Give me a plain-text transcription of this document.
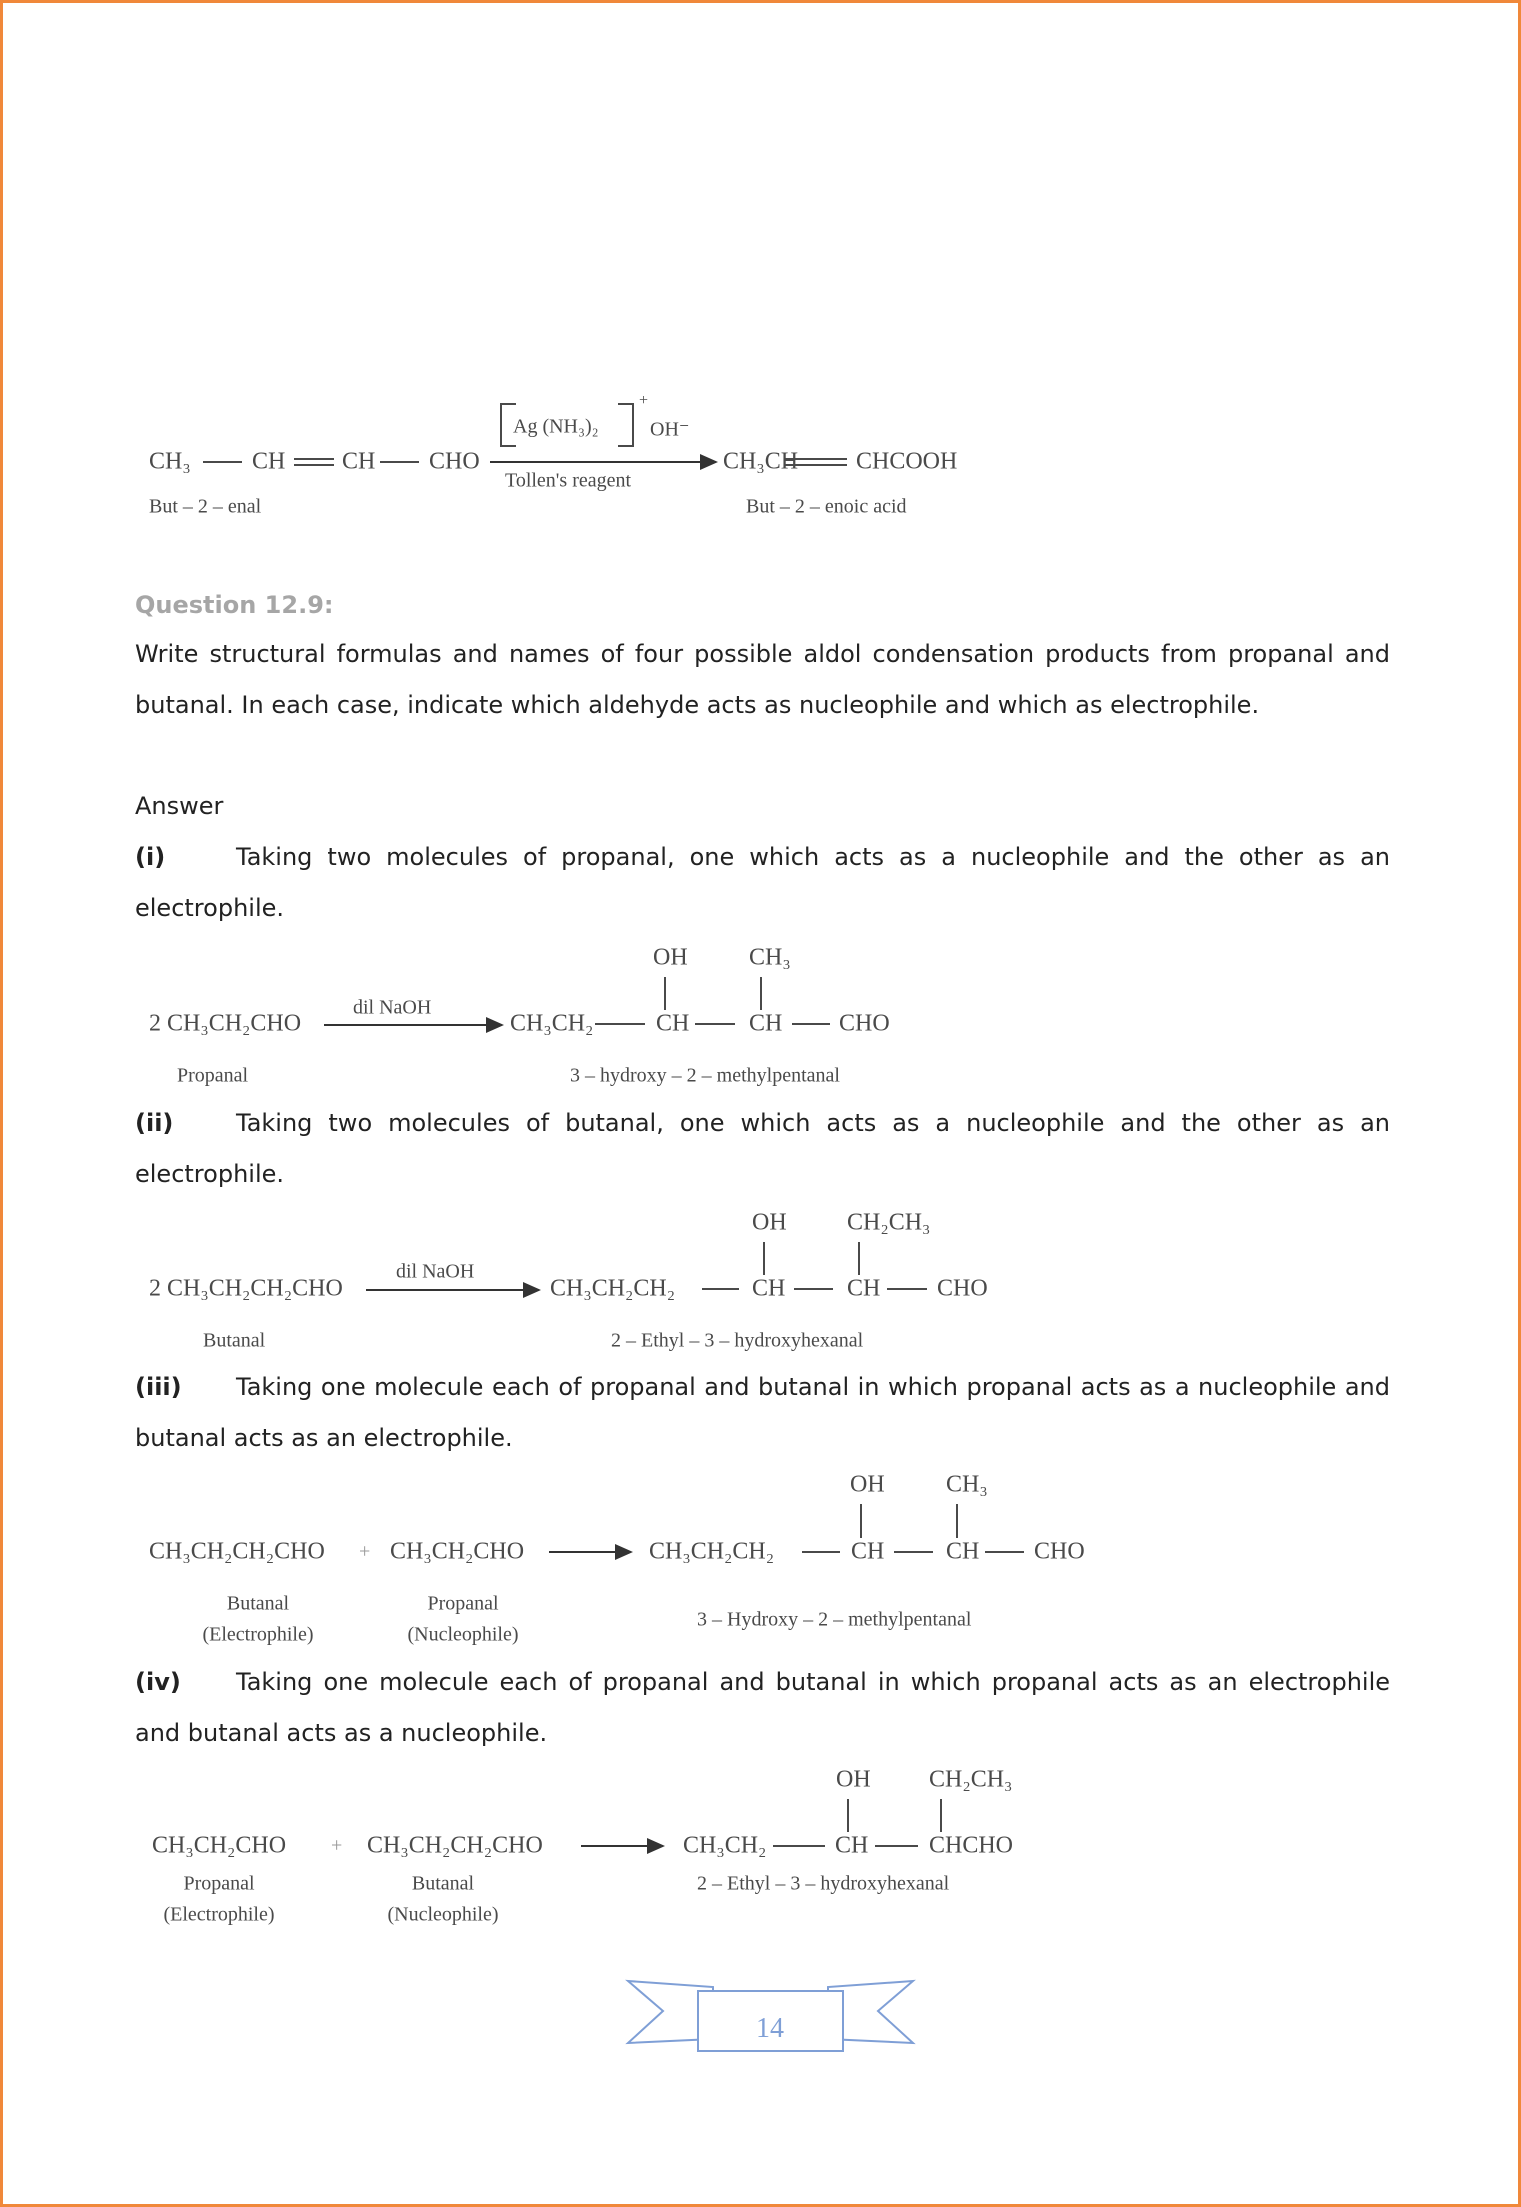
CH₃	CH CH CHO
Ag (NH₃)₂
+
OH⁻
Tollen's reagent
CH₃CH CHCOOH
But – 2 – enal	But – 2 – enoic acid
Question 12.9:
Write structural formulas and names of four possible aldol condensation products from propanal and butanal. In each case, indicate which aldehyde acts as nucleophile and which as electrophile.
Answer
(i)	Taking two molecules of propanal, one which acts as a nucleophile and the other as an electrophile.
2 CH₃CH₂CHO
dil NaOH
CH₃CH₂	CH CH CHO
OH	CH₃
Propanal	3 – hydroxy – 2 – methylpentanal
(ii)	Taking two molecules of butanal, one which acts as a nucleophile and the other as an electrophile.
2 CH₃CH₂CH₂CHO
dil NaOH
CH₃CH₂CH₂	CH	CH CHO
OH	CH₂CH₃
Butanal	2 – Ethyl – 3 – hydroxyhexanal
(iii) Taking one molecule each of propanal and butanal in which propanal acts as a nucleophile and butanal acts as an electrophile.
CH₃CH₂CH₂CHO + CH₃CH₂CHO	CH₃CH₂CH₂	CH	CH CHO
OH	CH₃
Butanal
(Electrophile)
Propanal
(Nucleophile)
3 – Hydroxy – 2 – methylpentanal
(iv) Taking one molecule each of propanal and butanal in which propanal acts as an electrophile and butanal acts as a nucleophile.
CH₃CH₂CHO + CH₃CH₂CH₂CHO	CH₃CH₂	CH	CHCHO
OH CH₂CH₃
Propanal
(Electrophile)
Butanal
(Nucleophile)
2 – Ethyl – 3 – hydroxyhexanal
14
